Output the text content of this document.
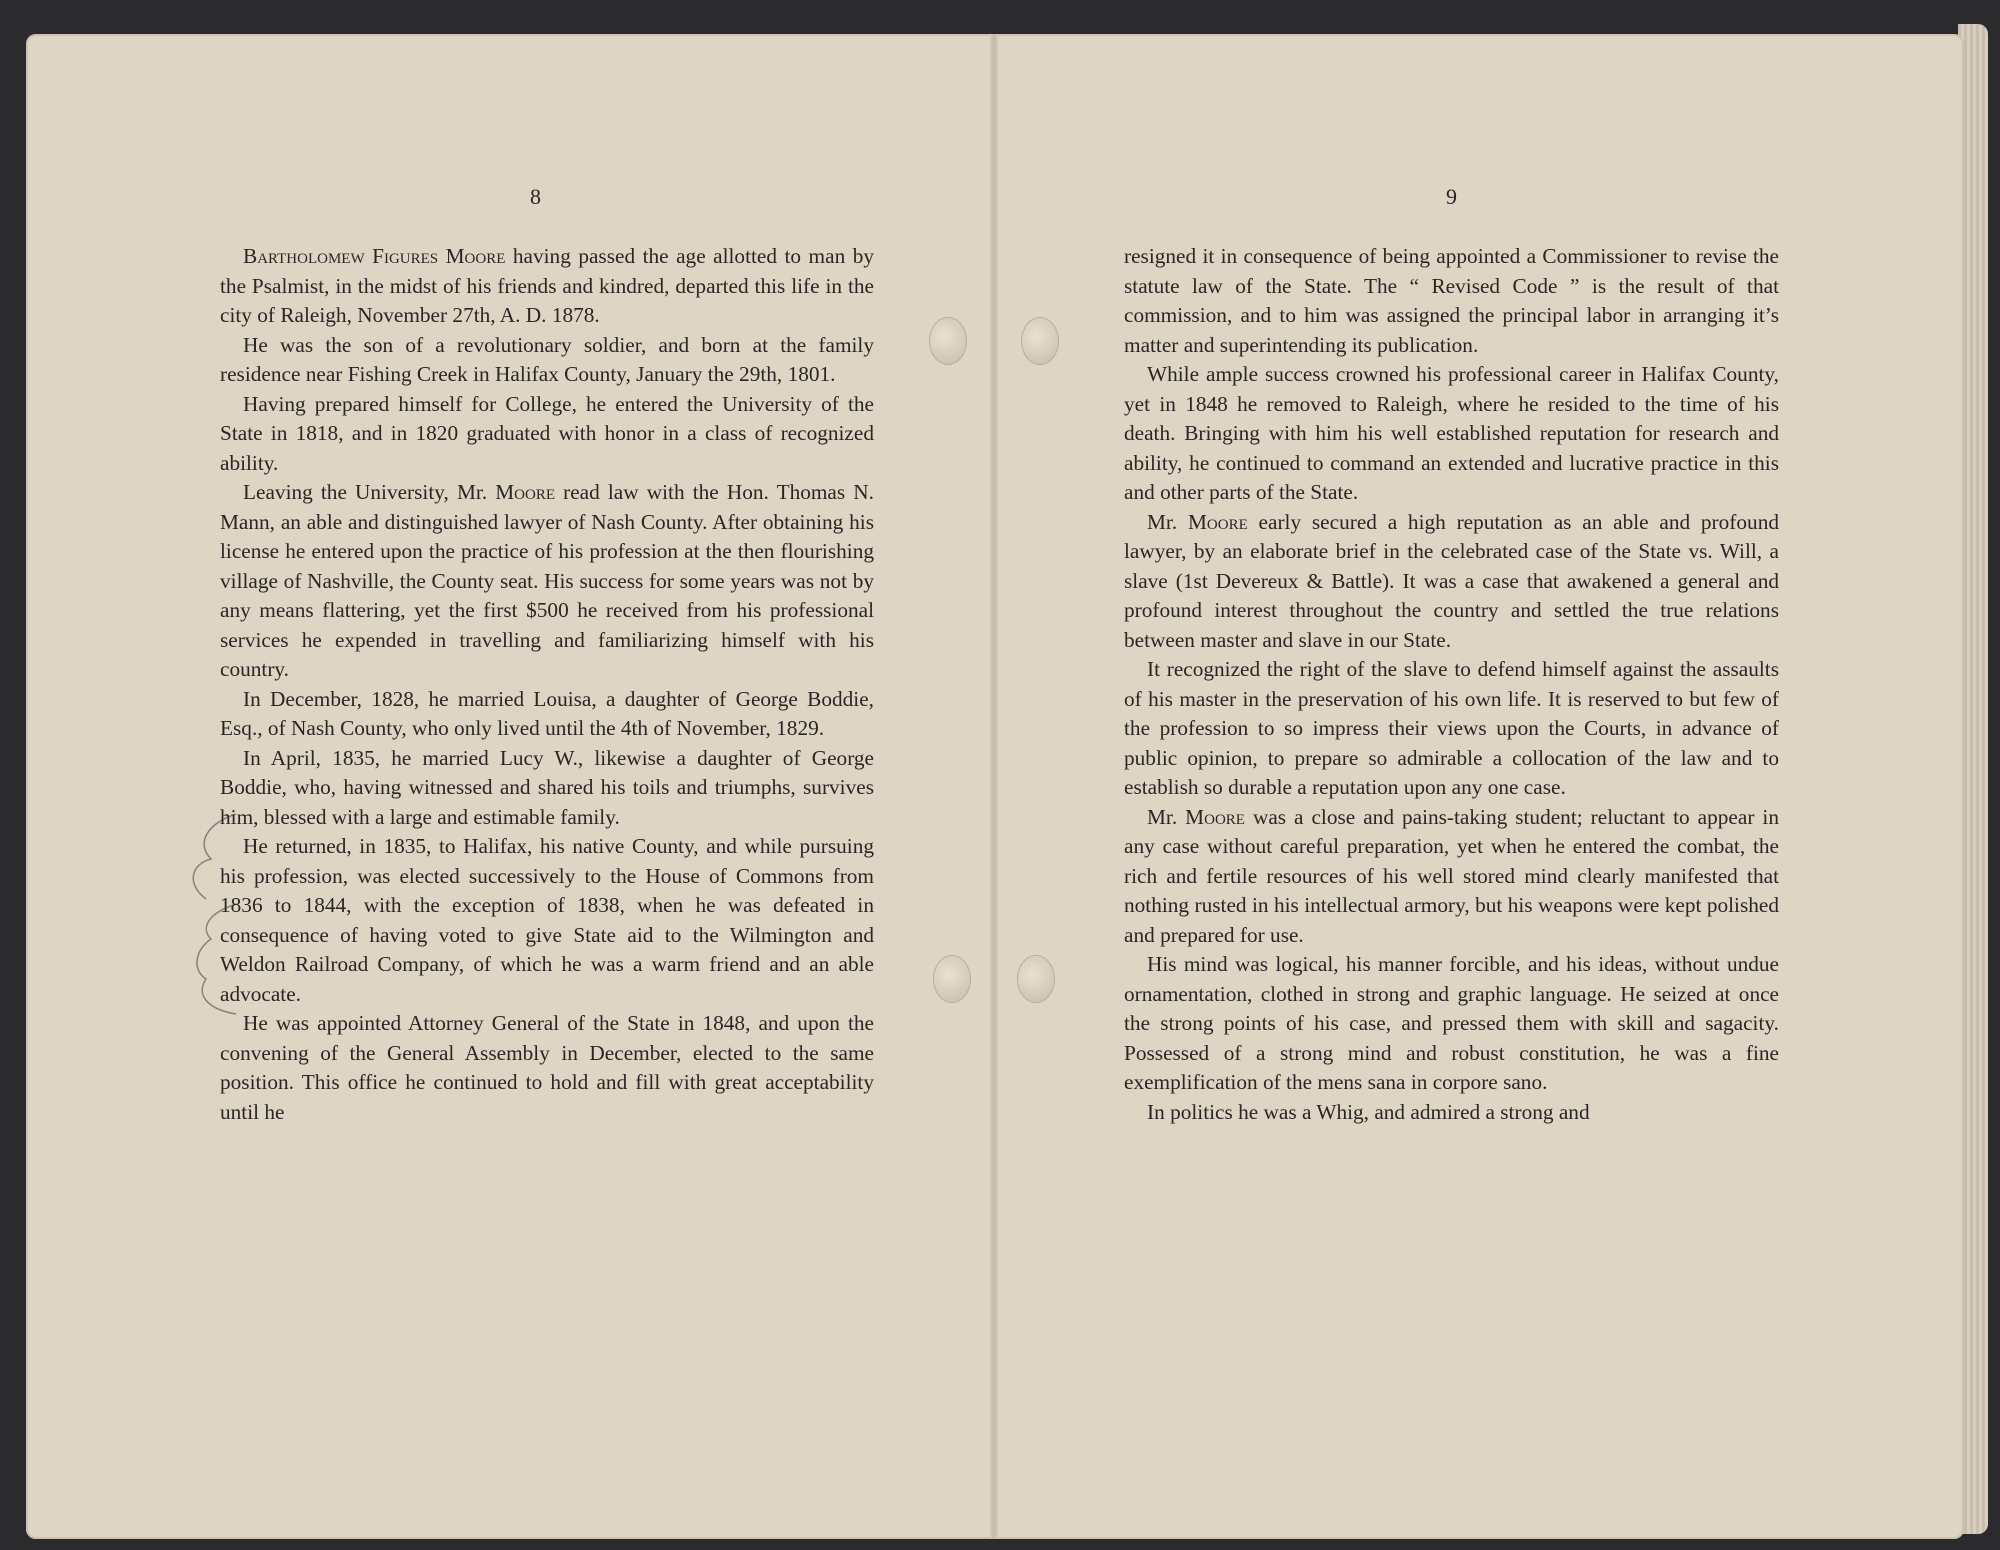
8

Bartholomew Figures Moore having passed the age allotted to man by the Psalmist, in the midst of his friends and kindred, departed this life in the city of Raleigh, November 27th, A. D. 1878.

He was the son of a revolutionary soldier, and born at the family residence near Fishing Creek in Halifax County, January the 29th, 1801.

Having prepared himself for College, he entered the University of the State in 1818, and in 1820 graduated with honor in a class of recognized ability.

Leaving the University, Mr. Moore read law with the Hon. Thomas N. Mann, an able and distinguished lawyer of Nash County. After obtaining his license he entered upon the practice of his profession at the then flourishing village of Nashville, the County seat. His success for some years was not by any means flattering, yet the first $500 he received from his professional services he expended in travelling and familiarizing himself with his country.

In December, 1828, he married Louisa, a daughter of George Boddie, Esq., of Nash County, who only lived until the 4th of November, 1829.

In April, 1835, he married Lucy W., likewise a daughter of George Boddie, who, having witnessed and shared his toils and triumphs, survives him, blessed with a large and estimable family.

He returned, in 1835, to Halifax, his native County, and while pursuing his profession, was elected successively to the House of Commons from 1836 to 1844, with the exception of 1838, when he was defeated in consequence of having voted to give State aid to the Wilmington and Weldon Railroad Company, of which he was a warm friend and an able advocate.

He was appointed Attorney General of the State in 1848, and upon the convening of the General Assembly in December, elected to the same position. This office he continued to hold and fill with great acceptability until he

9

resigned it in consequence of being appointed a Commissioner to revise the statute law of the State. The “ Revised Code ” is the result of that commission, and to him was assigned the principal labor in arranging it’s matter and superintending its publication.

While ample success crowned his professional career in Halifax County, yet in 1848 he removed to Raleigh, where he resided to the time of his death. Bringing with him his well established reputation for research and ability, he continued to command an extended and lucrative practice in this and other parts of the State.

Mr. Moore early secured a high reputation as an able and profound lawyer, by an elaborate brief in the celebrated case of the State vs. Will, a slave (1st Devereux & Battle). It was a case that awakened a general and profound interest throughout the country and settled the true relations between master and slave in our State.

It recognized the right of the slave to defend himself against the assaults of his master in the preservation of his own life. It is reserved to but few of the profession to so impress their views upon the Courts, in advance of public opinion, to prepare so admirable a collocation of the law and to establish so durable a reputation upon any one case.

Mr. Moore was a close and pains-taking student; reluctant to appear in any case without careful preparation, yet when he entered the combat, the rich and fertile resources of his well stored mind clearly manifested that nothing rusted in his intellectual armory, but his weapons were kept polished and prepared for use.

His mind was logical, his manner forcible, and his ideas, without undue ornamentation, clothed in strong and graphic language. He seized at once the strong points of his case, and pressed them with skill and sagacity. Possessed of a strong mind and robust constitution, he was a fine exemplification of the mens sana in corpore sano.

In politics he was a Whig, and admired a strong and
